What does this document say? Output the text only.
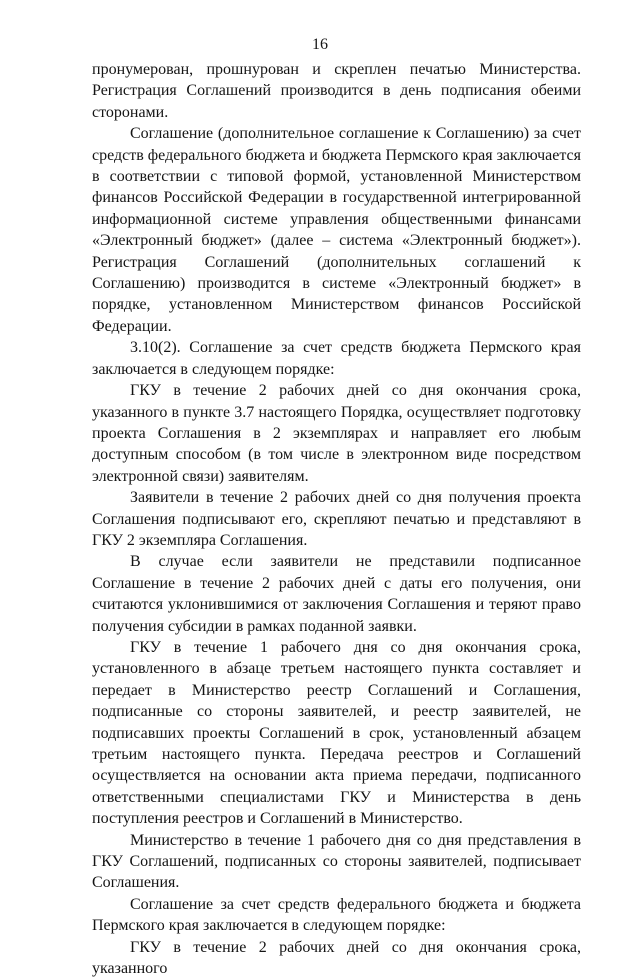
16

пронумерован, прошнурован и скреплен печатью Министерства. Регистрация Соглашений производится в день подписания обеими сторонами.

Соглашение (дополнительное соглашение к Соглашению) за счет средств федерального бюджета и бюджета Пермского края заключается в соответствии с типовой формой, установленной Министерством финансов Российской Федерации в государственной интегрированной информационной системе управления общественными финансами «Электронный бюджет» (далее – система «Электронный бюджет»). Регистрация Соглашений (дополнительных соглашений к Соглашению) производится в системе «Электронный бюджет» в порядке, установленном Министерством финансов Российской Федерации.

3.10(2). Соглашение за счет средств бюджета Пермского края заключается в следующем порядке:

ГКУ в течение 2 рабочих дней со дня окончания срока, указанного в пункте 3.7 настоящего Порядка, осуществляет подготовку проекта Соглашения в 2 экземплярах и направляет его любым доступным способом (в том числе в электронном виде посредством электронной связи) заявителям.

Заявители в течение 2 рабочих дней со дня получения проекта Соглашения подписывают его, скрепляют печатью и представляют в ГКУ 2 экземпляра Соглашения.

В случае если заявители не представили подписанное Соглашение в течение 2 рабочих дней с даты его получения, они считаются уклонившимися от заключения Соглашения и теряют право получения субсидии в рамках поданной заявки.

ГКУ в течение 1 рабочего дня со дня окончания срока, установленного в абзаце третьем настоящего пункта составляет и передает в Министерство реестр Соглашений и Соглашения, подписанные со стороны заявителей, и реестр заявителей, не подписавших проекты Соглашений в срок, установленный абзацем третьим настоящего пункта. Передача реестров и Соглашений осуществляется на основании акта приема передачи, подписанного ответственными специалистами ГКУ и Министерства в день поступления реестров и Соглашений в Министерство.

Министерство в течение 1 рабочего дня со дня представления в ГКУ Соглашений, подписанных со стороны заявителей, подписывает Соглашения.

Соглашение за счет средств федерального бюджета и бюджета Пермского края заключается в следующем порядке:

ГКУ в течение 2 рабочих дней со дня окончания срока, указанного
